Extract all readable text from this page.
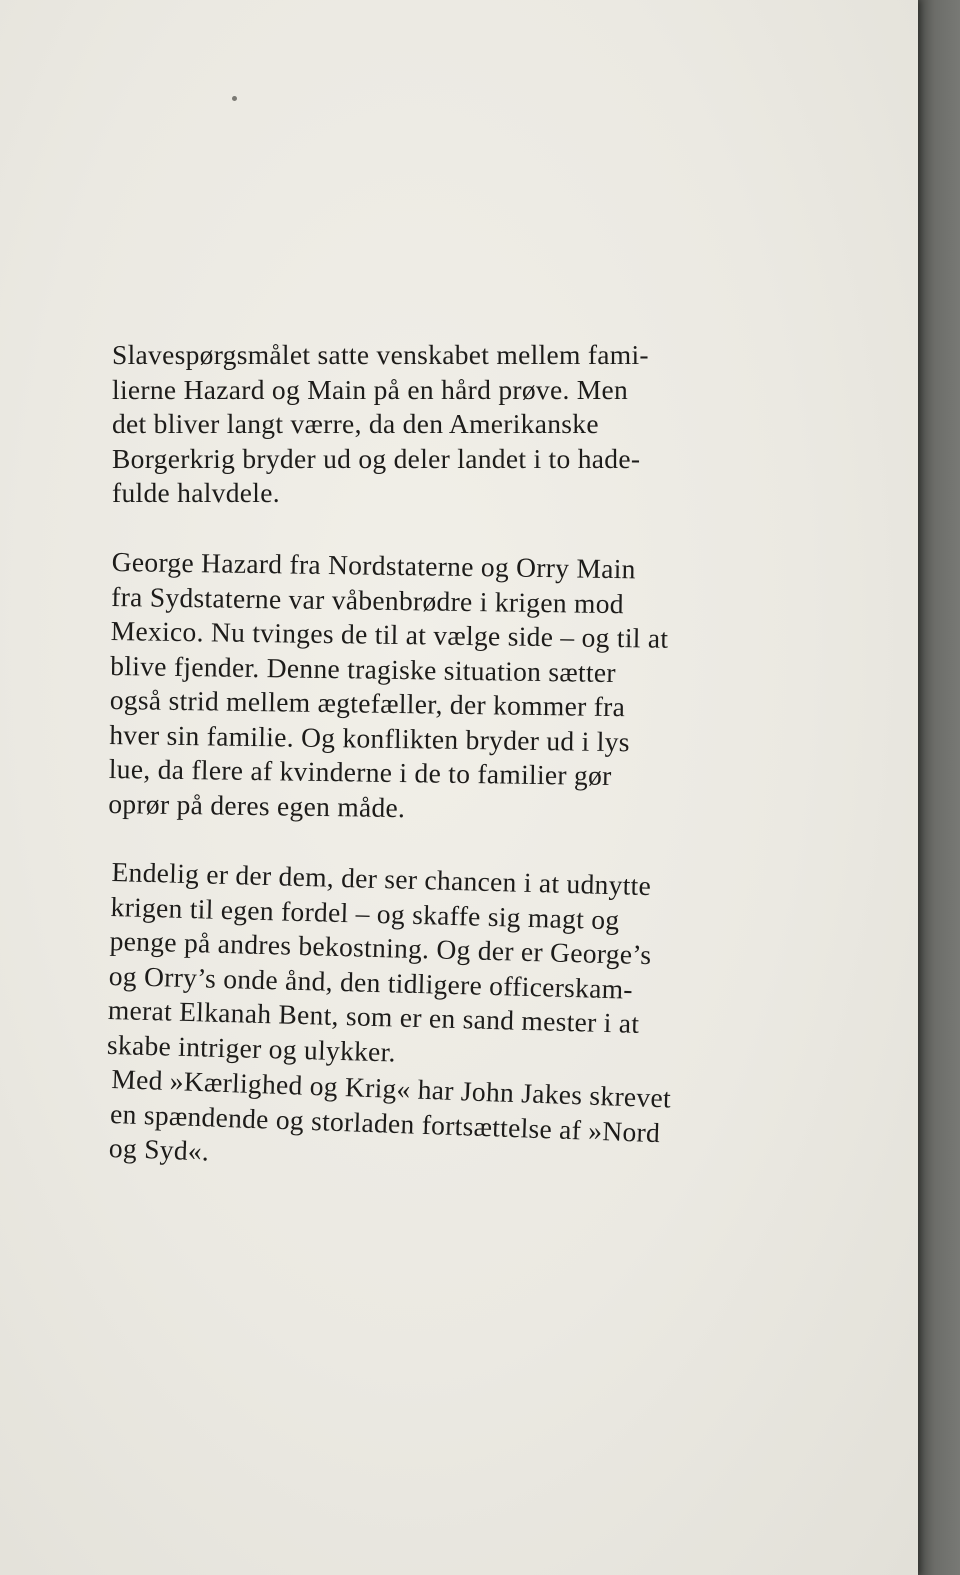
Slavespørgsmålet satte venskabet mellem fami-
lierne Hazard og Main på en hård prøve. Men
det bliver langt værre, da den Amerikanske
Borgerkrig bryder ud og deler landet i to hade-
fulde halvdele.

George Hazard fra Nordstaterne og Orry Main
fra Sydstaterne var våbenbrødre i krigen mod
Mexico. Nu tvinges de til at vælge side – og til at
blive fjender. Denne tragiske situation sætter
også strid mellem ægtefæller, der kommer fra
hver sin familie. Og konflikten bryder ud i lys
lue, da flere af kvinderne i de to familier gør
oprør på deres egen måde.

Endelig er der dem, der ser chancen i at udnytte
krigen til egen fordel – og skaffe sig magt og
penge på andres bekostning. Og der er George’s
og Orry’s onde ånd, den tidligere officerskam-
merat Elkanah Bent, som er en sand mester i at
skabe intriger og ulykker.

Med »Kærlighed og Krig« har John Jakes skrevet
en spændende og storladen fortsættelse af »Nord
og Syd«.
